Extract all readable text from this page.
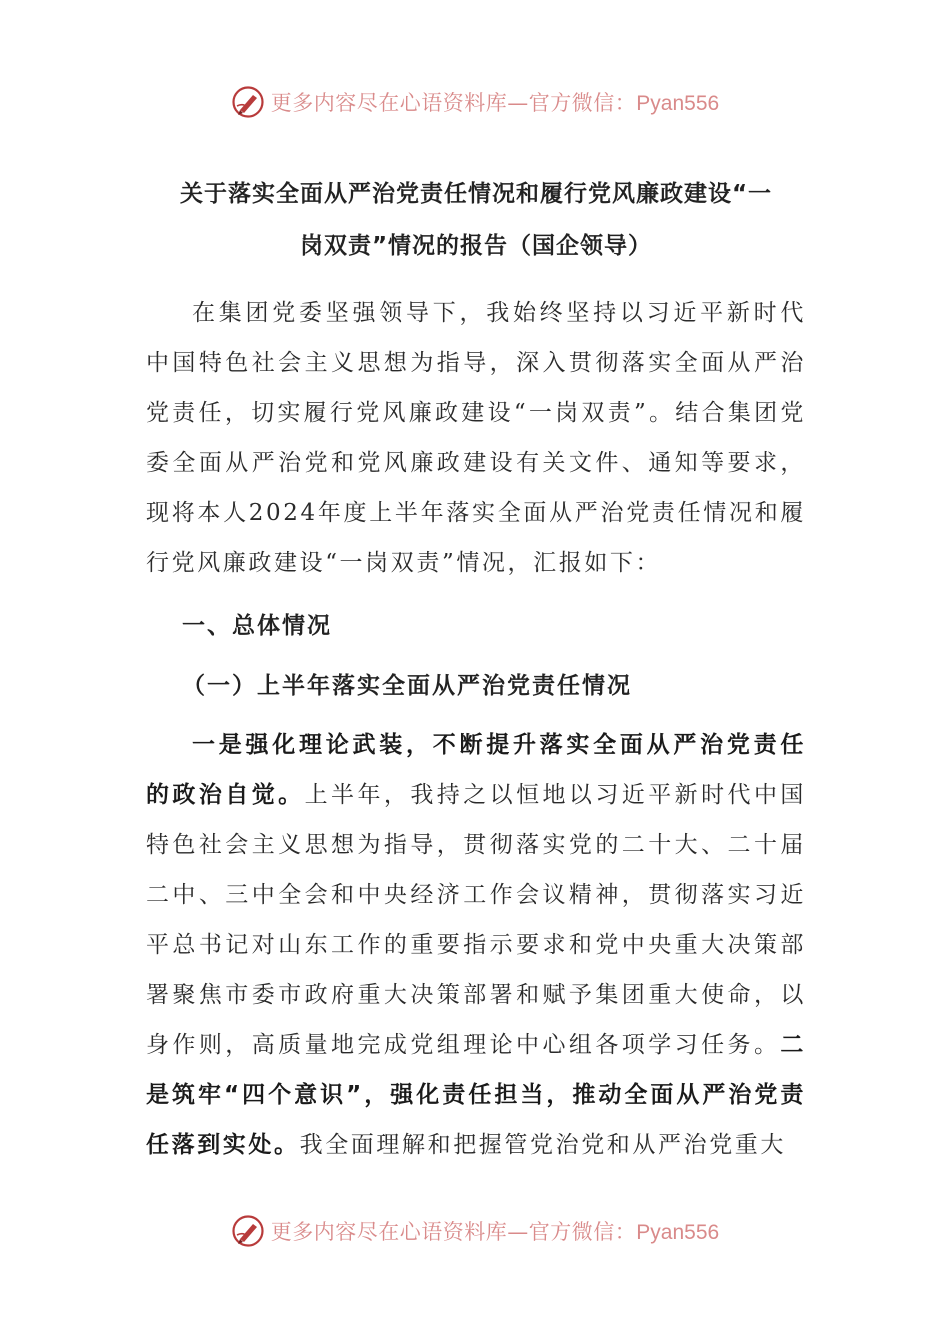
更多内容尽在心语资料库—官方微信：Pyan556
关于落实全面从严治党责任情况和履行党风廉政建设“一
岗双责”情况的报告（国企领导）

在集团党委坚强领导下，我始终坚持以习近平新时代中国特色社会主义思想为指导，深入贯彻落实全面从严治党责任，切实履行党风廉政建设“一岗双责”。结合集团党委全面从严治党和党风廉政建设有关文件、通知等要求，现将本人2024年度上半年落实全面从严治党责任情况和履行党风廉政建设“一岗双责”情况，汇报如下：

一、总体情况
（一）上半年落实全面从严治党责任情况

一是强化理论武装，不断提升落实全面从严治党责任的政治自觉。上半年，我持之以恒地以习近平新时代中国特色社会主义思想为指导，贯彻落实党的二十大、二十届二中、三中全会和中央经济工作会议精神，贯彻落实习近平总书记对山东工作的重要指示要求和党中央重大决策部署聚焦市委市政府重大决策部署和赋予集团重大使命，以身作则，高质量地完成党组理论中心组各项学习任务。二是筑牢“四个意识”，强化责任担当，推动全面从严治党责任落到实处。我全面理解和把握管党治党和从严治党重大

更多内容尽在心语资料库—官方微信：Pyan556
